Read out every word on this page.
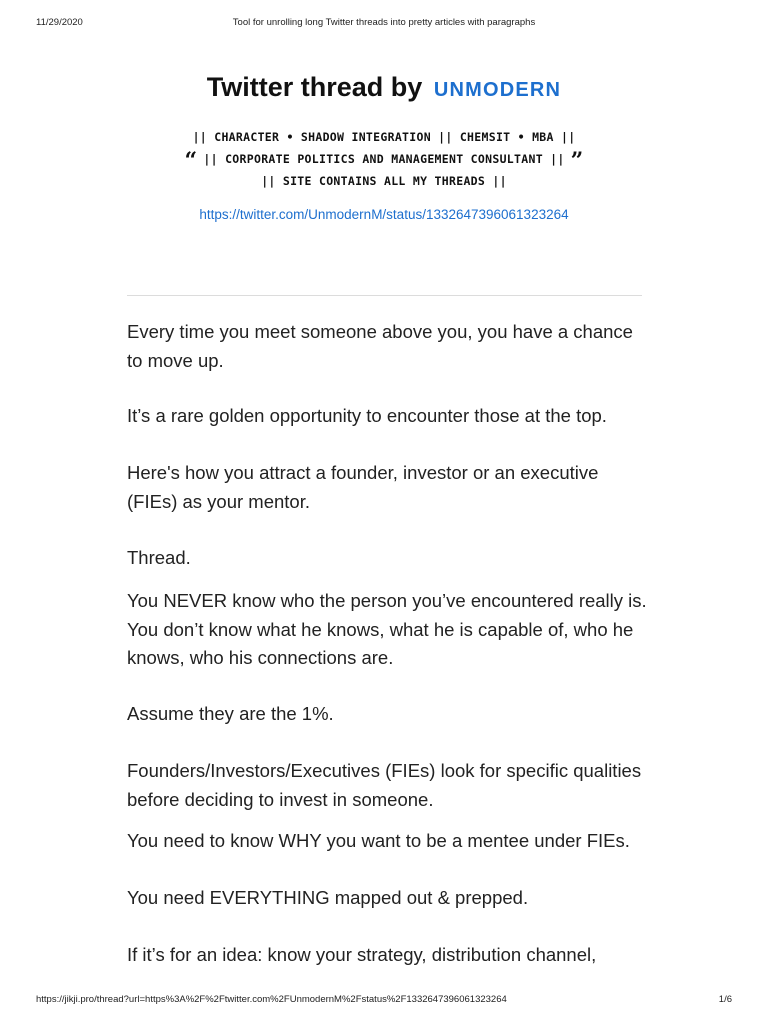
11/29/2020	Tool for unrolling long Twitter threads into pretty articles with paragraphs
Twitter thread by UNMODERN
|| CHARACTER • SHADOW INTEGRATION || CHEMSIT • MBA ||
“ || CORPORATE POLITICS AND MANAGEMENT CONSULTANT || ”
|| SITE CONTAINS ALL MY THREADS ||
https://twitter.com/UnmodernM/status/1332647396061323264

Every time you meet someone above you, you have a chance to move up.

It’s a rare golden opportunity to encounter those at the top.

Here's how you attract a founder, investor or an executive (FIEs) as your mentor.

Thread.

You NEVER know who the person you’ve encountered really is. You don’t know what he knows, what he is capable of, who he knows, who his connections are.

Assume they are the 1%.

Founders/Investors/Executives (FIEs) look for specific qualities before deciding to invest in someone.

You need to know WHY you want to be a mentee under FIEs.

You need EVERYTHING mapped out & prepped.

If it’s for an idea: know your strategy, distribution channel,

https://jikji.pro/thread?url=https%3A%2F%2Ftwitter.com%2FUnmodernM%2Fstatus%2F1332647396061323264	1/6
